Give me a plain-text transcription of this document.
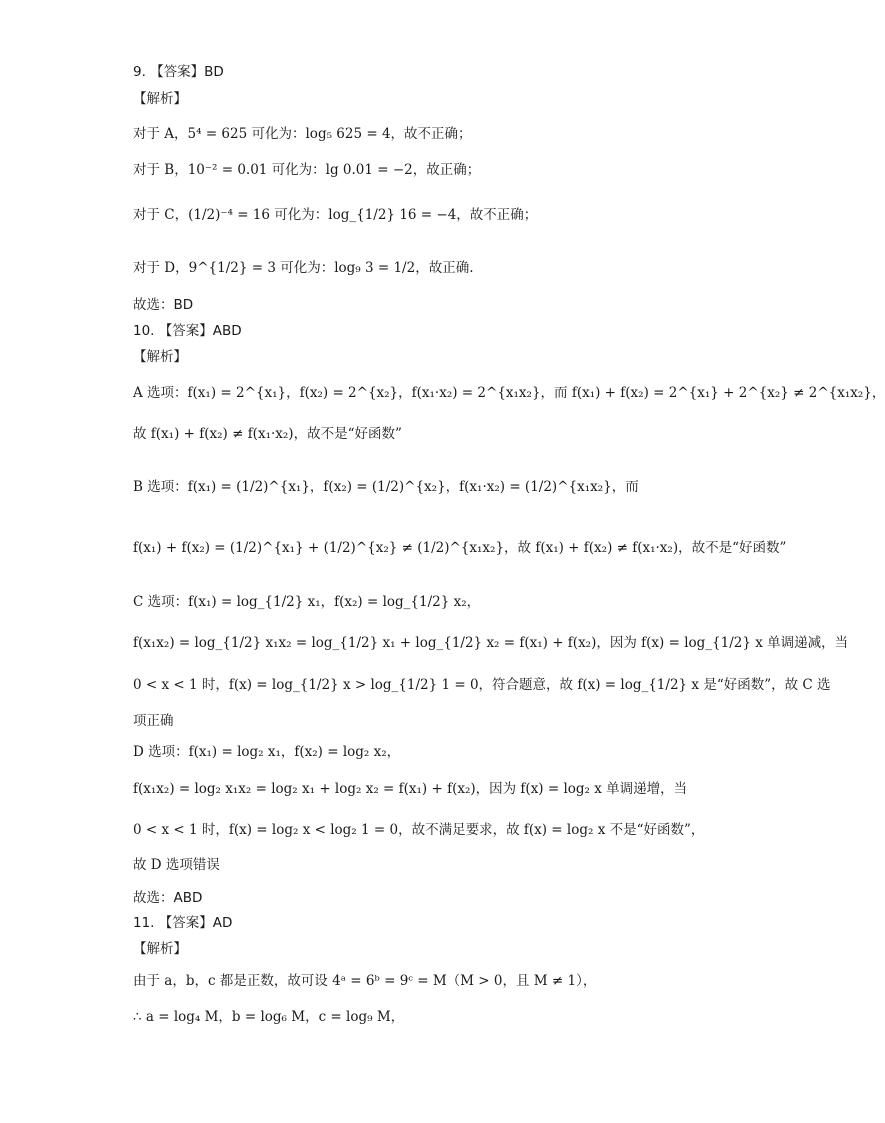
9. 【答案】BD
【解析】
对于 A，5⁴ = 625 可化为：log₅ 625 = 4，故不正确；
对于 B，10⁻² = 0.01 可化为：lg 0.01 = −2，故正确；
对于 C，(1/2)⁻⁴ = 16 可化为：log_{1/2} 16 = −4，故不正确；
对于 D，9^{1/2} = 3 可化为：log₉ 3 = 1/2，故正确.
故选：BD
10. 【答案】ABD
【解析】
A 选项：f(x₁) = 2^{x₁}，f(x₂) = 2^{x₂}，f(x₁·x₂) = 2^{x₁x₂}，而 f(x₁) + f(x₂) = 2^{x₁} + 2^{x₂} ≠ 2^{x₁x₂}，
故 f(x₁) + f(x₂) ≠ f(x₁·x₂)，故不是“好函数”
B 选项：f(x₁) = (1/2)^{x₁}，f(x₂) = (1/2)^{x₂}，f(x₁·x₂) = (1/2)^{x₁x₂}，而
f(x₁) + f(x₂) = (1/2)^{x₁} + (1/2)^{x₂} ≠ (1/2)^{x₁x₂}，故 f(x₁) + f(x₂) ≠ f(x₁·x₂)，故不是“好函数”
C 选项：f(x₁) = log_{1/2} x₁，f(x₂) = log_{1/2} x₂，
f(x₁x₂) = log_{1/2} x₁x₂ = log_{1/2} x₁ + log_{1/2} x₂ = f(x₁) + f(x₂)，因为 f(x) = log_{1/2} x 单调递减，当
0 < x < 1 时，f(x) = log_{1/2} x > log_{1/2} 1 = 0，符合题意，故 f(x) = log_{1/2} x 是“好函数”，故 C 选
项正确
D 选项：f(x₁) = log₂ x₁，f(x₂) = log₂ x₂，
f(x₁x₂) = log₂ x₁x₂ = log₂ x₁ + log₂ x₂ = f(x₁) + f(x₂)，因为 f(x) = log₂ x 单调递增，当
0 < x < 1 时，f(x) = log₂ x < log₂ 1 = 0，故不满足要求，故 f(x) = log₂ x 不是“好函数”，
故 D 选项错误
故选：ABD
11. 【答案】AD
【解析】
由于 a，b，c 都是正数，故可设 4ᵃ = 6ᵇ = 9ᶜ = M（M > 0，且 M ≠ 1），
∴ a = log₄ M，b = log₆ M，c = log₉ M，
